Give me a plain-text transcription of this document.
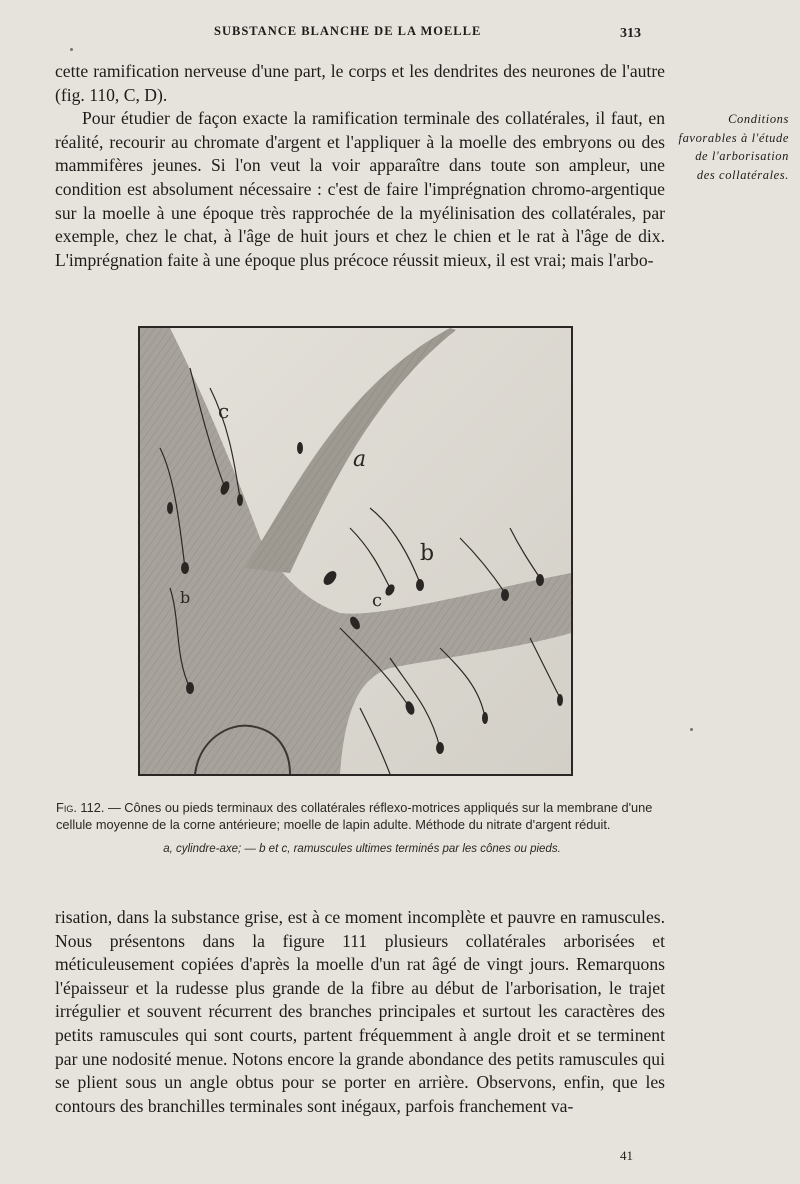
SUBSTANCE BLANCHE DE LA MOELLE	313

cette ramification nerveuse d'une part, le corps et les dendrites des neurones de l'autre (fig. 110, C, D).

Pour étudier de façon exacte la ramification terminale des collatérales, il faut, en réalité, recourir au chromate d'argent et l'appliquer à la moelle des embryons ou des mammifères jeunes. Si l'on veut la voir apparaître dans toute son ampleur, une condition est absolument nécessaire : c'est de faire l'imprégnation chromo-argentique sur la moelle à une époque très rapprochée de la myélinisation des collatérales, par exemple, chez le chat, à l'âge de huit jours et chez le chien et le rat à l'âge de dix. L'imprégnation faite à une époque plus précoce réussit mieux, il est vrai; mais l'arbo-

Conditions favorables à l'étude de l'arborisation des collatérales.
a
b
c
c
b
Fig. 112. — Cônes ou pieds terminaux des collatérales réflexo-motrices appliqués sur la membrane d'une cellule moyenne de la corne antérieure; moelle de lapin adulte. Méthode du nitrate d'argent réduit.
a, cylindre-axe; — b et c, ramuscules ultimes terminés par les cônes ou pieds.

risation, dans la substance grise, est à ce moment incomplète et pauvre en ramuscules. Nous présentons dans la figure 111 plusieurs collatérales arborisées et méticuleusement copiées d'après la moelle d'un rat âgé de vingt jours. Remarquons l'épaisseur et la rudesse plus grande de la fibre au début de l'arborisation, le trajet irrégulier et souvent récurrent des branches principales et surtout les caractères des petits ramuscules qui sont courts, partent fréquemment à angle droit et se terminent par une nodosité menue. Notons encore la grande abondance des petits ramuscules qui se plient sous un angle obtus pour se porter en arrière. Observons, enfin, que les contours des branchilles terminales sont inégaux, parfois franchement va-

41
